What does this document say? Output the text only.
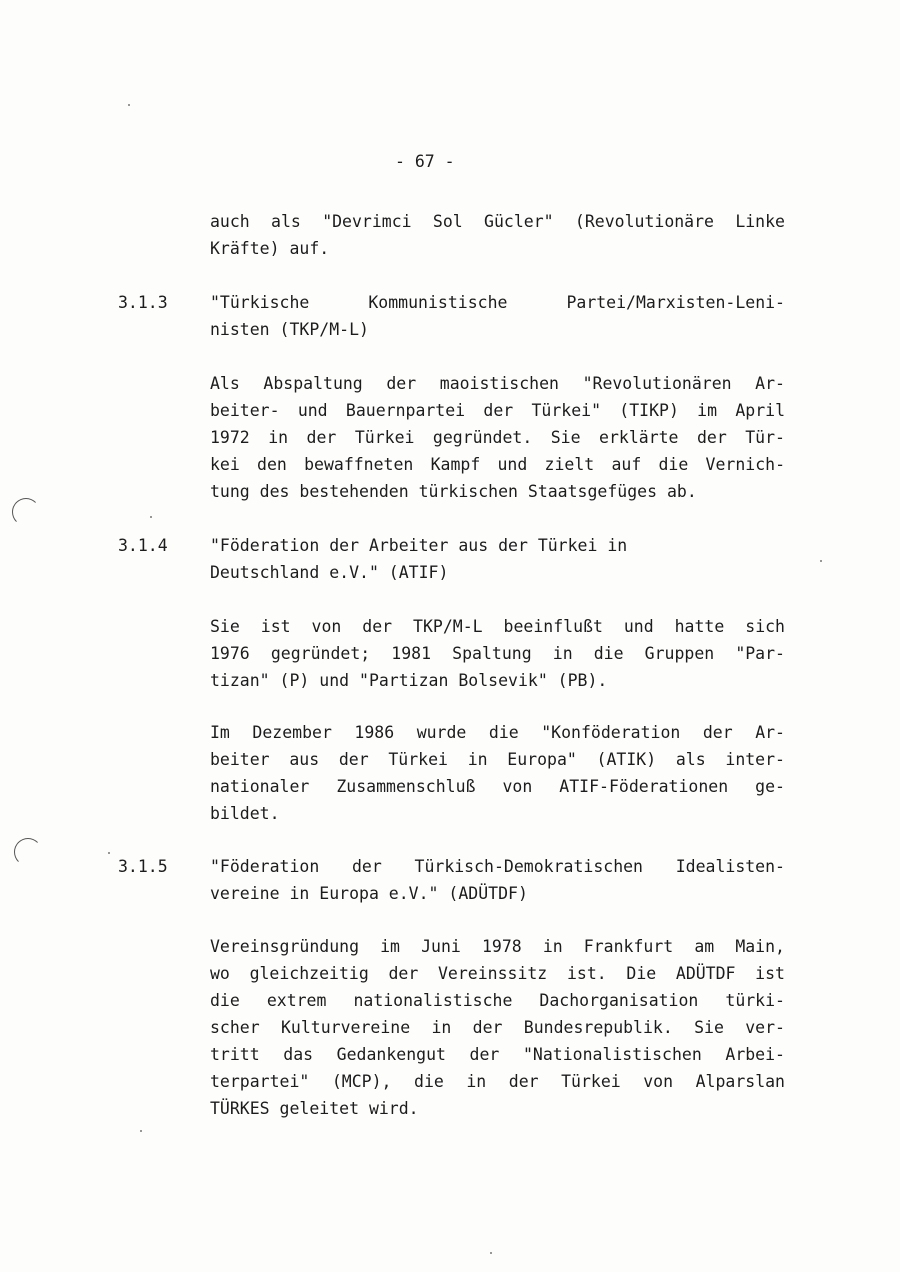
- 67 -
auch als "Devrimci Sol Gücler" (Revolutionäre Linke
Kräfte) auf.
3.1.3	"Türkische Kommunistische Partei/Marxisten-Leni-
nisten (TKP/M-L)
Als Abspaltung der maoistischen "Revolutionären Ar-
beiter- und Bauernpartei der Türkei" (TIKP) im April
1972 in der Türkei gegründet. Sie erklärte der Tür-
kei den bewaffneten Kampf und zielt auf die Vernich-
tung des bestehenden türkischen Staatsgefüges ab.
3.1.4	"Föderation der Arbeiter aus der Türkei in
Deutschland e.V." (ATIF)
Sie ist von der TKP/M-L beeinflußt und hatte sich
1976 gegründet; 1981 Spaltung in die Gruppen "Par-
tizan" (P) und "Partizan Bolsevik" (PB).
Im Dezember 1986 wurde die "Konföderation der Ar-
beiter aus der Türkei in Europa" (ATIK) als inter-
nationaler Zusammenschluß von ATIF-Föderationen ge-
bildet.
3.1.5	"Föderation der Türkisch-Demokratischen Idealisten-
vereine in Europa e.V." (ADÜTDF)
Vereinsgründung im Juni 1978 in Frankfurt am Main,
wo gleichzeitig der Vereinssitz ist. Die ADÜTDF ist
die extrem nationalistische Dachorganisation türki-
scher Kulturvereine in der Bundesrepublik. Sie ver-
tritt das Gedankengut der "Nationalistischen Arbei-
terpartei" (MCP), die in der Türkei von Alparslan
TÜRKES geleitet wird.
